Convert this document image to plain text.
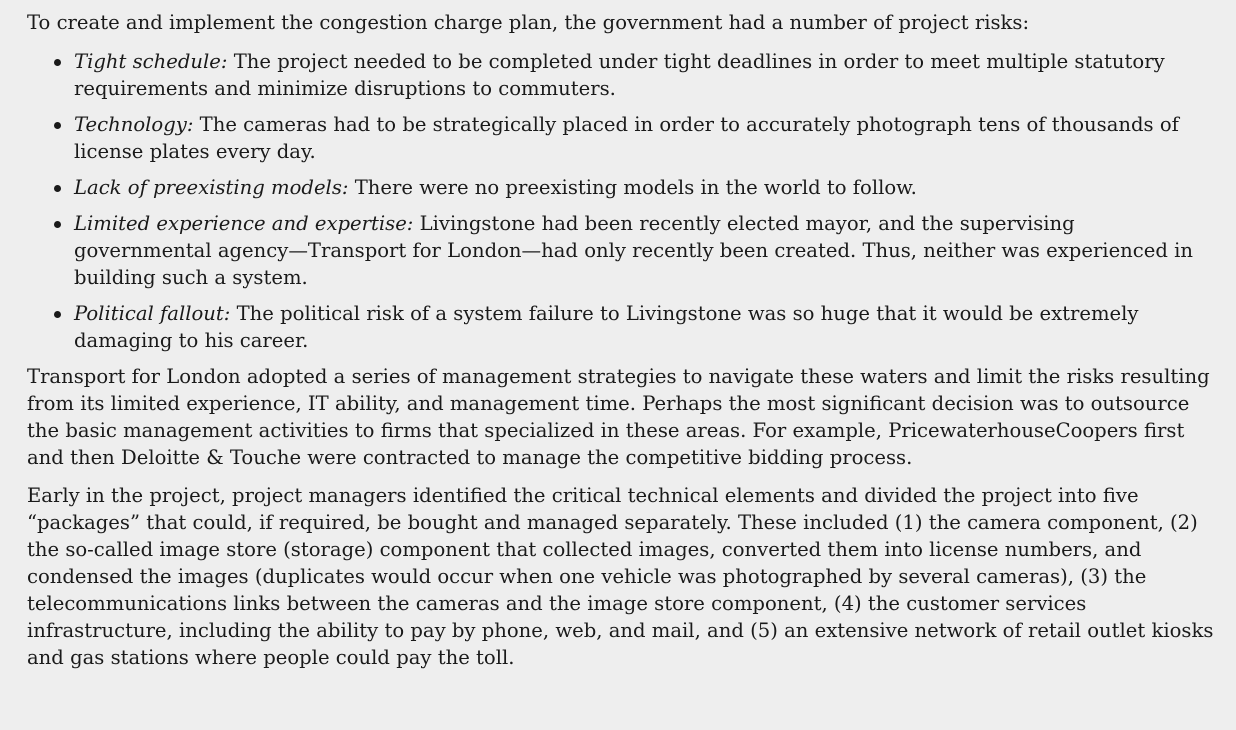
To create and implement the congestion charge plan, the government had a number of project risks:

Tight schedule: The project needed to be completed under tight deadlines in order to meet multiple statutory requirements and minimize disruptions to commuters.
Technology: The cameras had to be strategically placed in order to accurately photograph tens of thousands of license plates every day.
Lack of preexisting models: There were no preexisting models in the world to follow.
Limited experience and expertise: Livingstone had been recently elected mayor, and the supervising governmental agency—Transport for London—had only recently been created. Thus, neither was experienced in building such a system.
Political fallout: The political risk of a system failure to Livingstone was so huge that it would be extremely damaging to his career.

Transport for London adopted a series of management strategies to navigate these waters and limit the risks resulting from its limited experience, IT ability, and management time. Perhaps the most significant decision was to outsource the basic management activities to firms that specialized in these areas. For example, PricewaterhouseCoopers first and then Deloitte & Touche were contracted to manage the competitive bidding process.

Early in the project, project managers identified the critical technical elements and divided the project into five “packages” that could, if required, be bought and managed separately. These included (1) the camera component, (2) the so-called image store (storage) component that collected images, converted them into license numbers, and condensed the images (duplicates would occur when one vehicle was photographed by several cameras), (3) the telecommunications links between the cameras and the image store component, (4) the customer services infrastructure, including the ability to pay by phone, web, and mail, and (5) an extensive network of retail outlet kiosks and gas stations where people could pay the toll.
